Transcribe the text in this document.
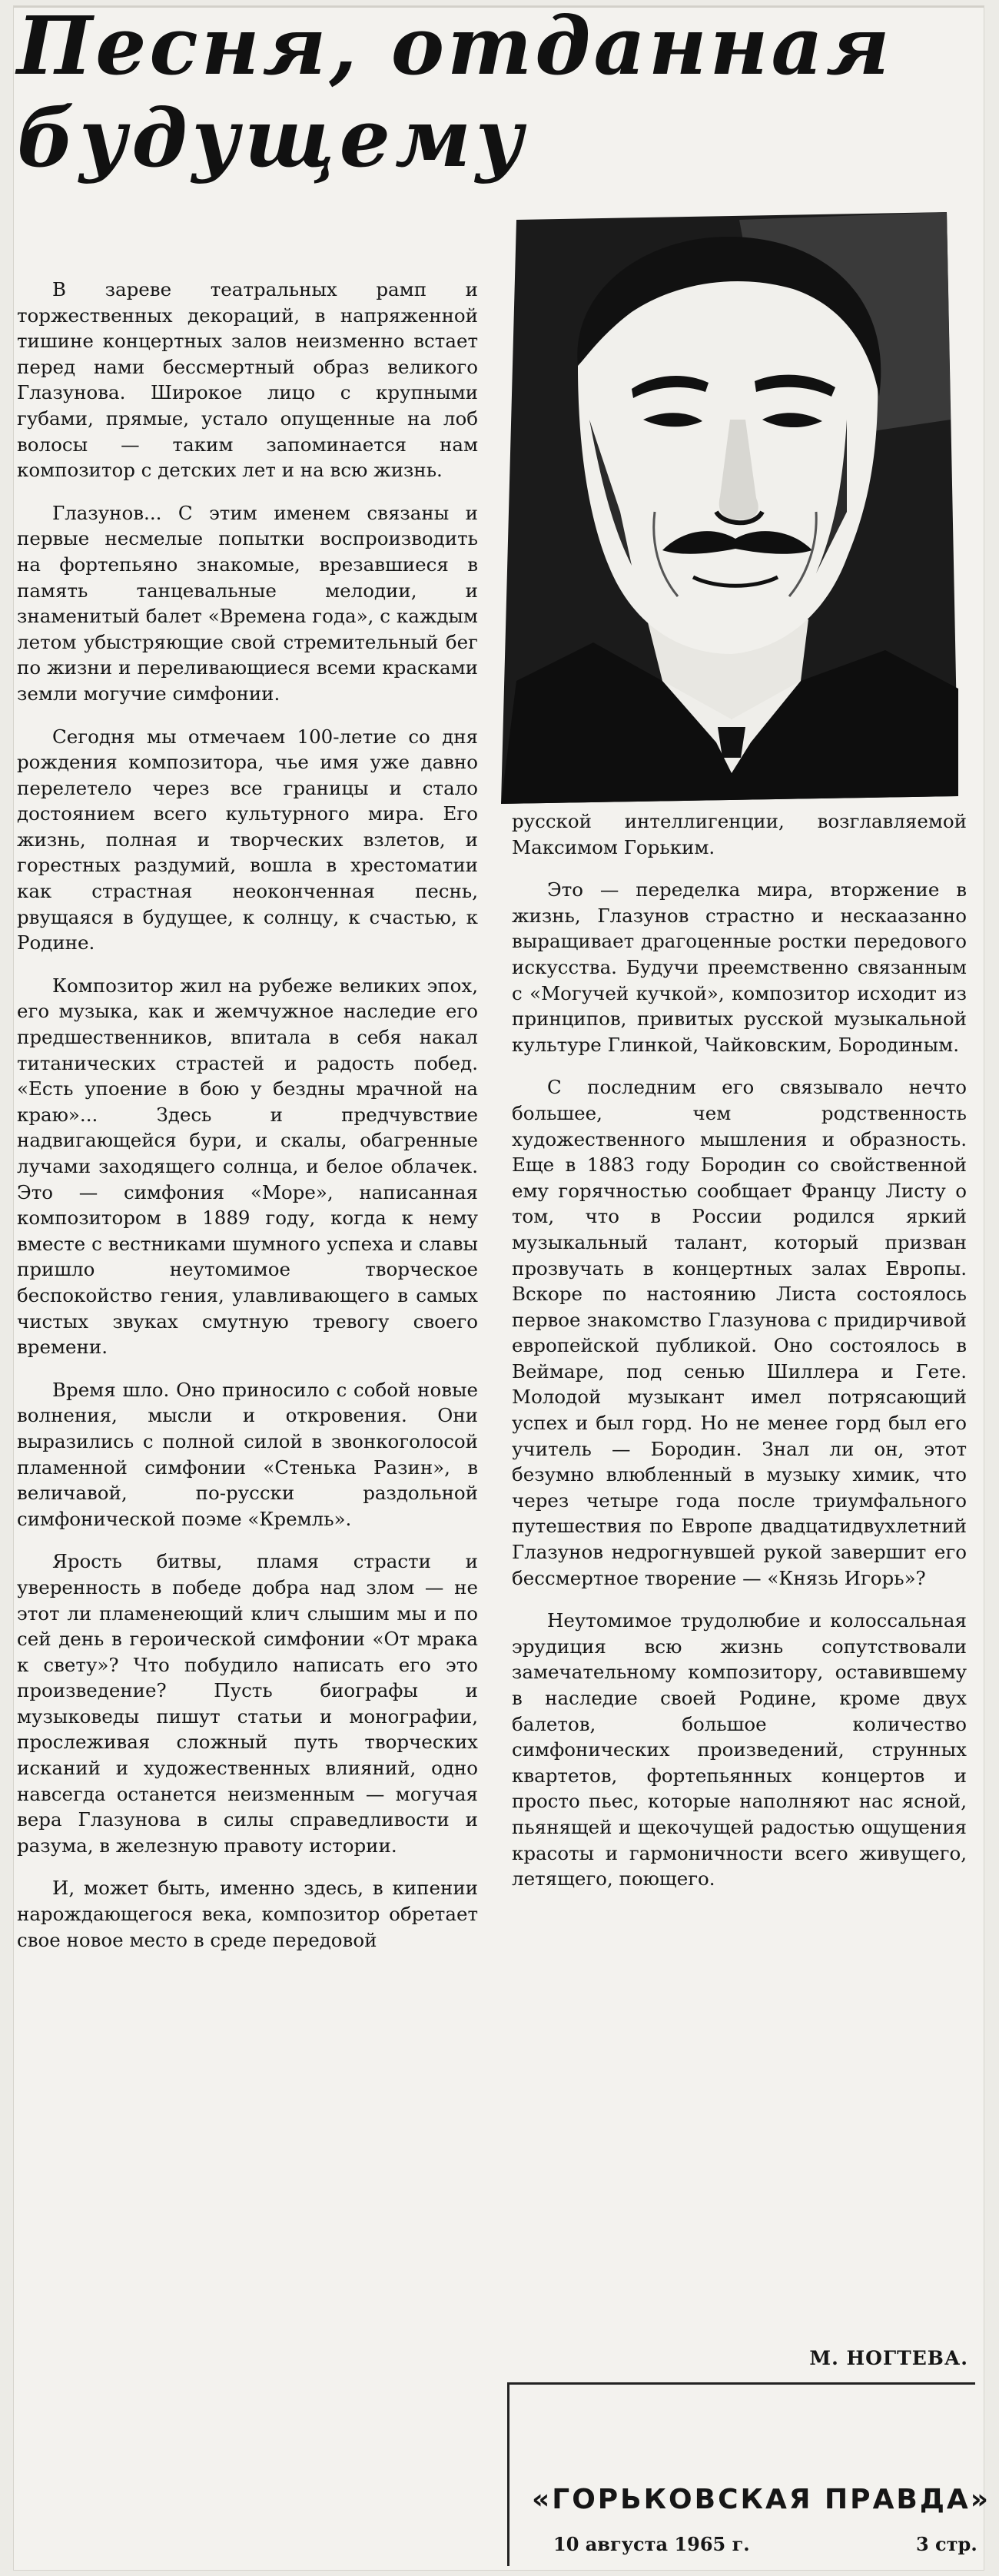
Песня, отданная
будущему

В зареве театральных рамп и торжественных декораций, в напряженной тишине концертных залов неизменно встает перед нами бессмертный образ великого Глазунова. Широкое лицо с крупными губами, прямые, устало опущенные на лоб волосы — таким запоминается нам композитор с детских лет и на всю жизнь.

Глазунов... С этим именем связаны и первые несмелые попытки воспроизводить на фортепьяно знакомые, врезавшиеся в память танцевальные мелодии, и знаменитый балет «Времена года», с каждым летом убыстряющие свой стремительный бег по жизни и переливающиеся всеми красками земли могучие симфонии.

Сегодня мы отмечаем 100-летие со дня рождения композитора, чье имя уже давно перелетело через все границы и стало достоянием всего культурного мира. Его жизнь, полная и творческих взлетов, и горестных раздумий, вошла в хрестоматии как страстная неоконченная песнь, рвущаяся в будущее, к солнцу, к счастью, к Родине.

Композитор жил на рубеже великих эпох, его музыка, как и жемчужное наследие его предшественников, впитала в себя накал титанических страстей и радость побед. «Есть упоение в бою у бездны мрачной на краю»... Здесь и предчувствие надвигающейся бури, и скалы, обагренные лучами заходящего солнца, и белое облачек. Это — симфония «Море», написанная композитором в 1889 году, когда к нему вместе с вестниками шумного успеха и славы пришло неутомимое творческое беспокойство гения, улавливающего в самых чистых звуках смутную тревогу своего времени.

Время шло. Оно приносило с собой новые волнения, мысли и откровения. Они выразились с полной силой в звонкоголосой пламенной симфонии «Стенька Разин», в величавой, по-русски раздольной симфонической поэме «Кремль».

Ярость битвы, пламя страсти и уверенность в победе добра над злом — не этот ли пламенеющий клич слышим мы и по сей день в героической симфонии «От мрака к свету»? Что побудило написать его это произведение? Пусть биографы и музыковеды пишут статьи и монографии, прослеживая сложный путь творческих исканий и художественных влияний, одно навсегда останется неизменным — могучая вера Глазунова в силы справедливости и разума, в железную правоту истории.

И, может быть, именно здесь, в кипении нарождающегося века, композитор обретает свое новое место в среде передовой

русской интеллигенции, возглавляемой Максимом Горьким.

Это — переделка мира, вторжение в жизнь, Глазунов страстно и нескаазанно выращивает драгоценные ростки передового искусства. Будучи преемственно связанным с «Могучей кучкой», композитор исходит из принципов, привитых русской музыкальной культуре Глинкой, Чайковским, Бородиным.

С последним его связывало нечто большее, чем родственность художественного мышления и образность. Еще в 1883 году Бородин со свойственной ему горячностью сообщает Францу Листу о том, что в России родился яркий музыкальный талант, который призван прозвучать в концертных залах Европы. Вскоре по настоянию Листа состоялось первое знакомство Глазунова с придирчивой европейской публикой. Оно состоялось в Веймаре, под сенью Шиллера и Гете. Молодой музыкант имел потрясающий успех и был горд. Но не менее горд был его учитель — Бородин. Знал ли он, этот безумно влюбленный в музыку химик, что через четыре года после триумфального путешествия по Европе двадцатидвухлетний Глазунов недрогнувшей рукой завершит его бессмертное творение — «Князь Игорь»?

Неутомимое трудолюбие и колоссальная эрудиция всю жизнь сопутствовали замечательному композитору, оставившему в наследие своей Родине, кроме двух балетов, большое количество симфонических произведений, струнных квартетов, фортепьянных концертов и просто пьес, которые наполняют нас ясной, пьянящей и щекочущей радостью ощущения красоты и гармоничности всего живущего, летящего, поющего.

М. НОГТЕВА.
«ГОРЬКОВСКАЯ ПРАВДА»
10 августа 1965 г.	3 стр.
